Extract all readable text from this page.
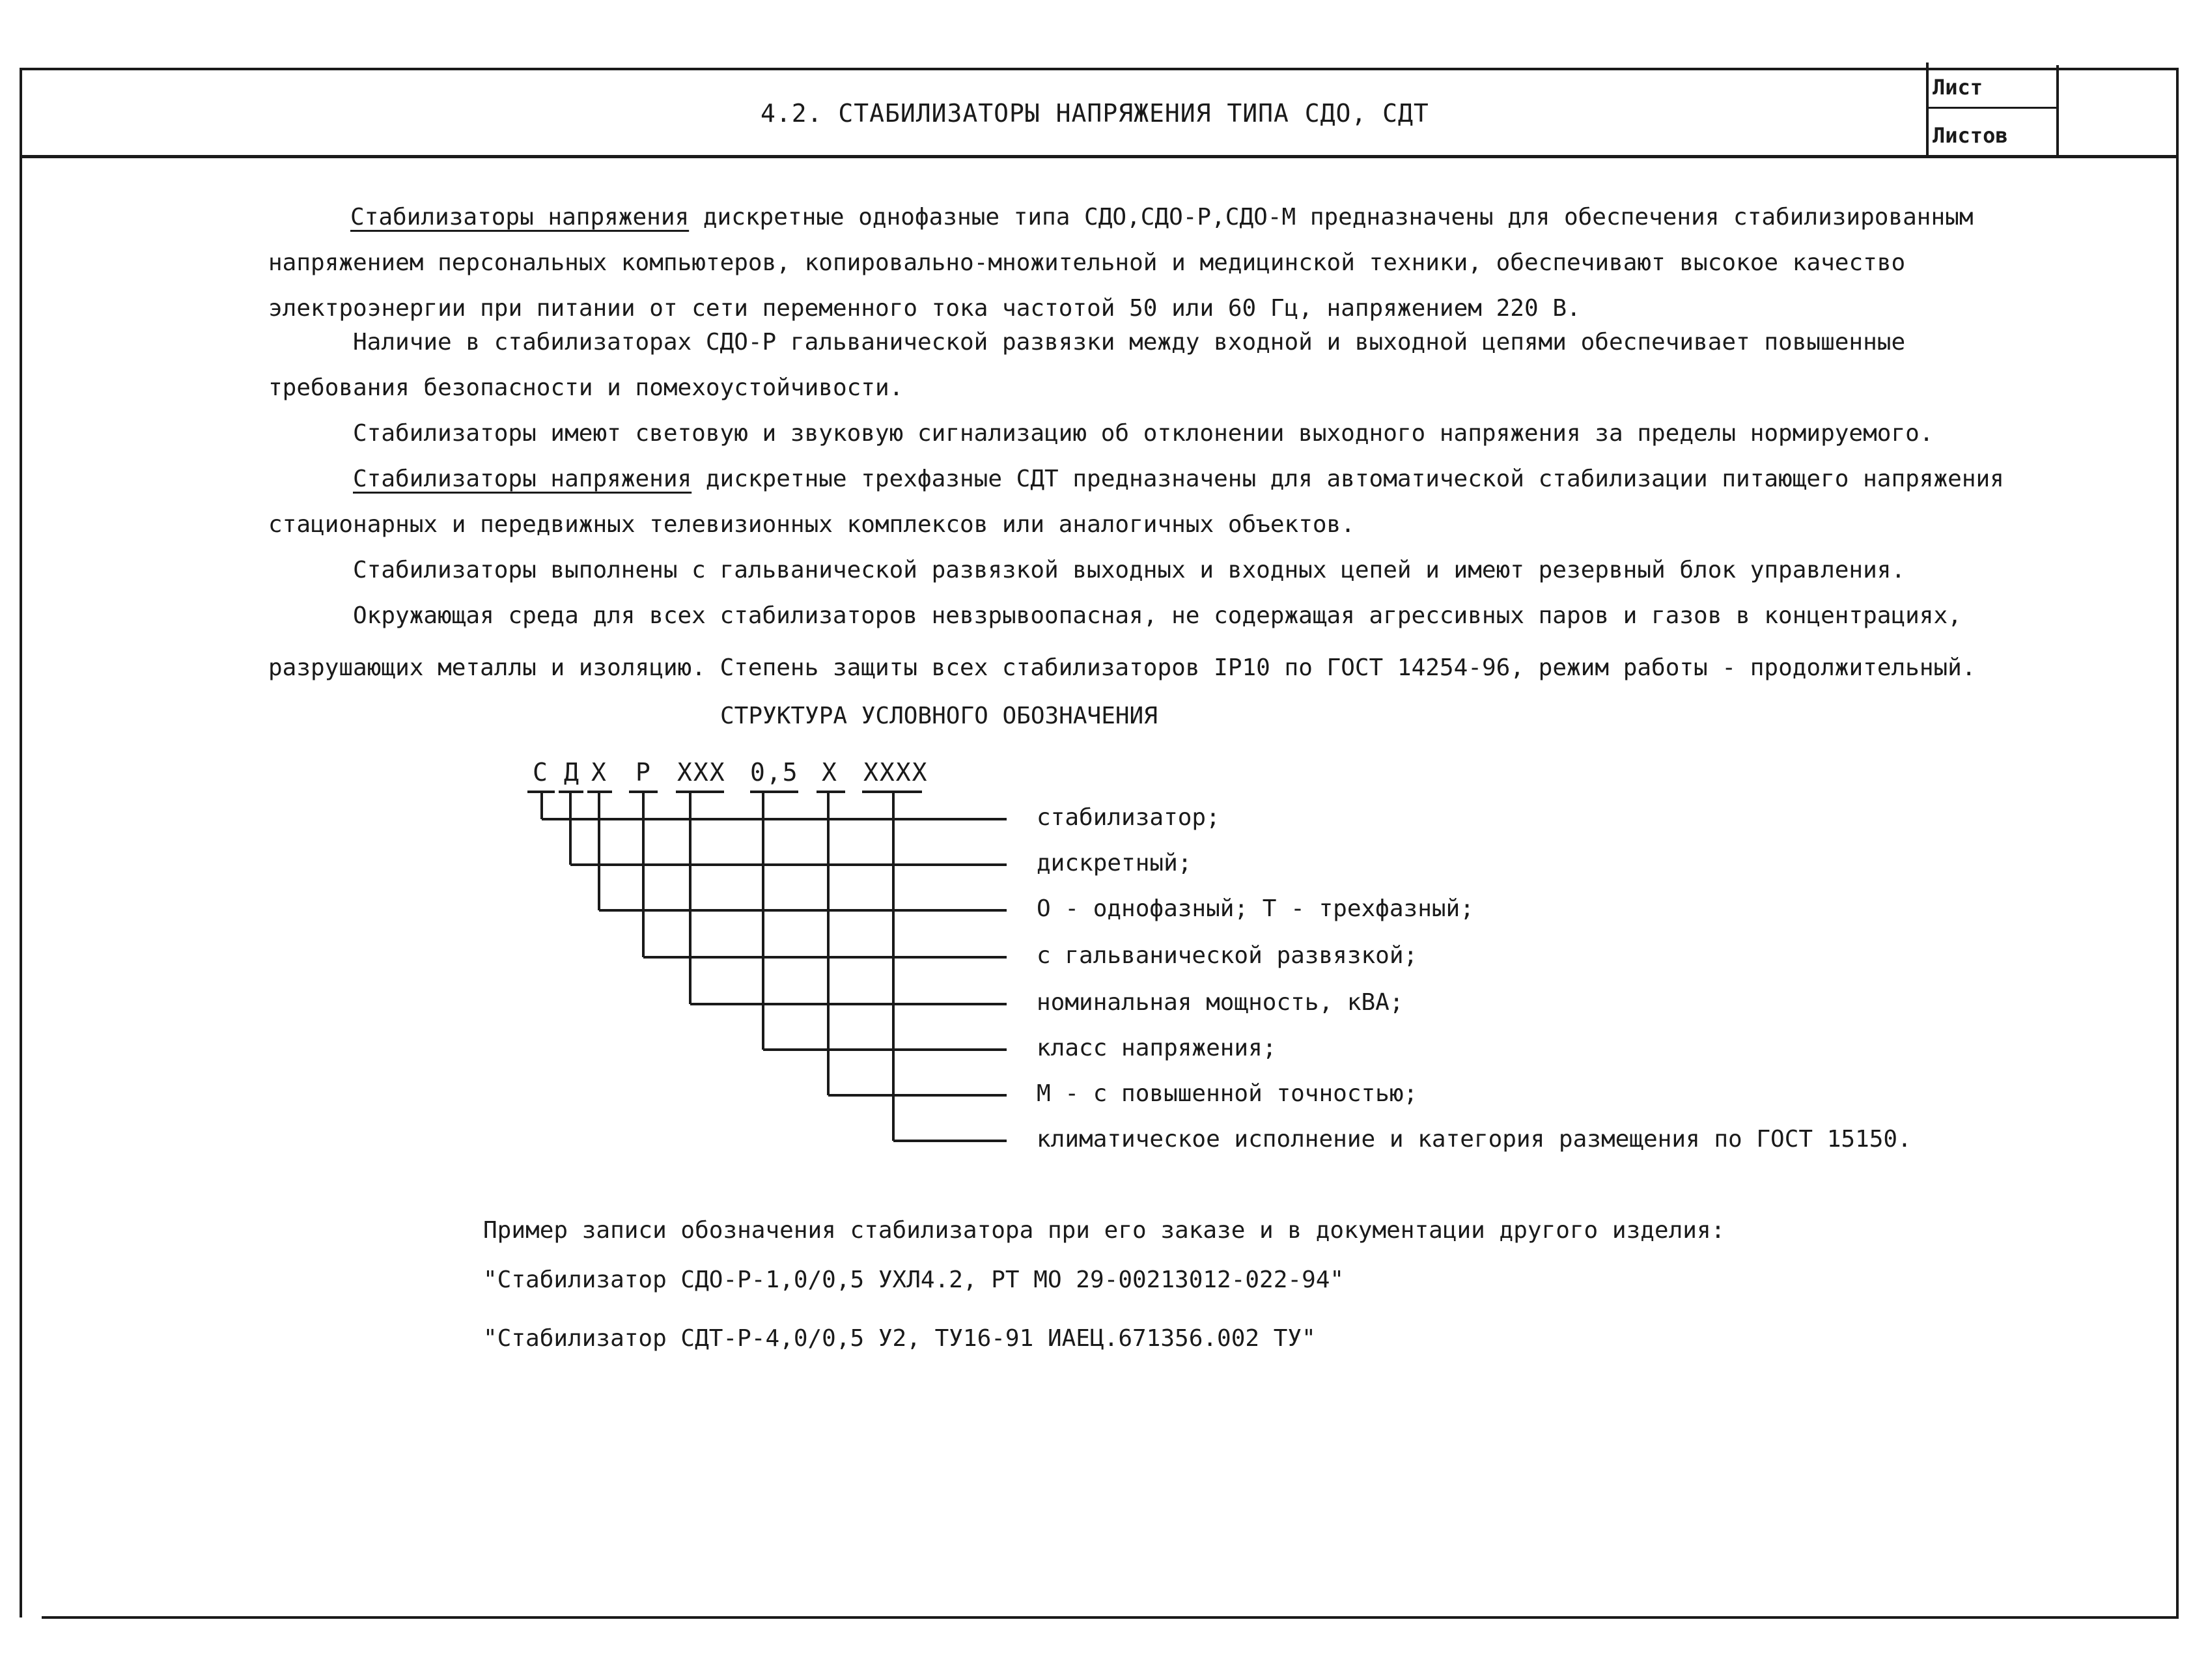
4.2. СТАБИЛИЗАТОРЫ НАПРЯЖЕНИЯ ТИПА СДО, СДТ
Лист
Листов
Стабилизаторы напряжения дискретные однофазные типа СДО,СДО-Р,СДО-М предназначены для обеспечения стабилизированным
напряжением персональных компьютеров, копировально-множительной и медицинской техники, обеспечивают высокое качество
электроэнергии при питании от сети переменного тока частотой 50 или 60 Гц, напряжением 220 В.
Наличие в стабилизаторах СДО-Р гальванической развязки между входной и выходной цепями обеспечивает повышенные
требования безопасности и помехоустойчивости.
Стабилизаторы имеют световую и звуковую сигнализацию об отклонении выходного напряжения за пределы нормируемого.
Стабилизаторы напряжения дискретные трехфазные СДТ предназначены для автоматической стабилизации питающего напряжения
стационарных и передвижных телевизионных комплексов или аналогичных объектов.
Стабилизаторы выполнены с гальванической развязкой выходных и входных цепей и имеют резервный блок управления.
Окружающая среда для всех стабилизаторов невзрывоопасная, не содержащая агрессивных паров и газов в концентрациях,
разрушающих металлы и изоляцию. Степень защиты всех стабилизаторов IP10 по ГОСТ 14254-96, режим работы - продолжительный.
СТРУКТУРА УСЛОВНОГО ОБОЗНАЧЕНИЯ
С Д Х Р ХХХ 0,5 Х ХХХХ
стабилизатор;
дискретный;
О - однофазный; Т - трехфазный;
с гальванической развязкой;
номинальная мощность, кВА;
класс напряжения;
М - с повышенной точностью;
климатическое исполнение и категория размещения по ГОСТ 15150.
Пример записи обозначения стабилизатора при его заказе и в документации другого изделия:
"Стабилизатор СДО-Р-1,0/0,5 УХЛ4.2, РТ МО 29-00213012-022-94"
"Стабилизатор СДТ-Р-4,0/0,5 У2, ТУ16-91 ИАЕЦ.671356.002 ТУ"
